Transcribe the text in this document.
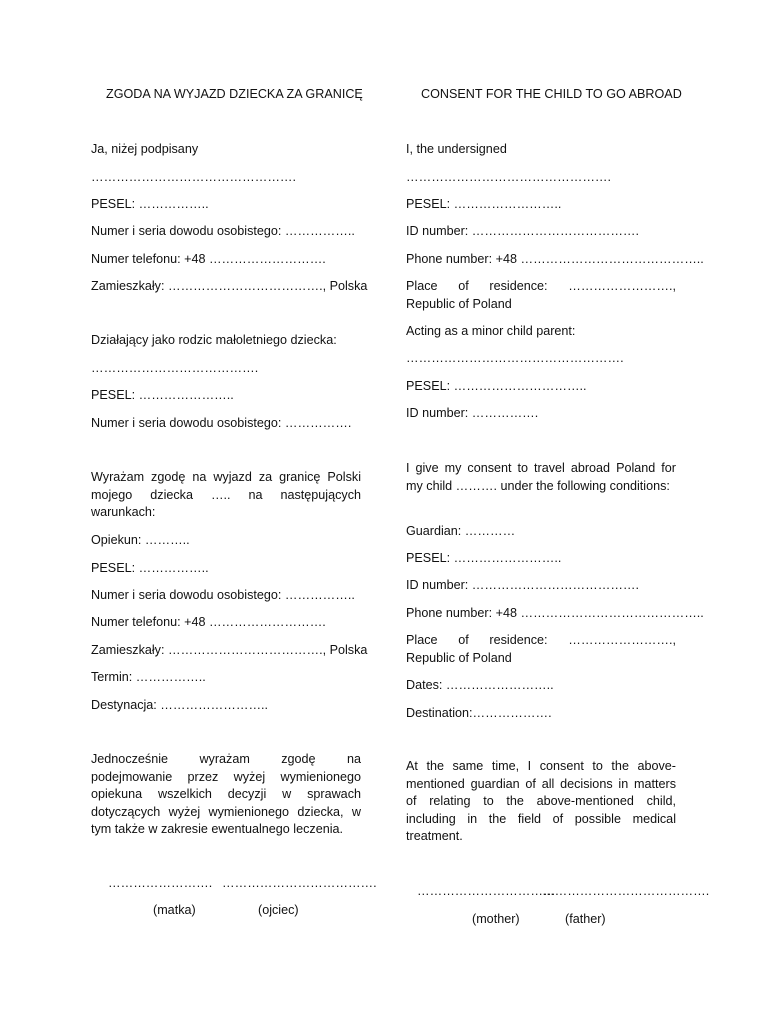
ZGODA NA WYJAZD DZIECKA ZA GRANICĘ

Ja, niżej podpisany

………………………………………….

PESEL: ……………..

Numer i seria dowodu osobistego: ……………..

Numer telefonu: +48 ……………………….

Zamieszkały: ………………………………., Polska

Działający jako rodzic małoletniego dziecka:

………………………………….

PESEL: …………………..

Numer i seria dowodu osobistego: …………….

Wyrażam zgodę na wyjazd za granicę Polski mojego dziecka ….. na następujących warunkach:

Opiekun: ………..

PESEL: ……………..

Numer i seria dowodu osobistego: ……………..

Numer telefonu: +48 ……………………….

Zamieszkały: ………………………………., Polska

Termin: ……………..

Destynacja: ……………………..

Jednocześnie wyrażam zgodę na podejmowanie przez wyżej wymienionego opiekuna wszelkich decyzji w sprawach dotyczących wyżej wymienionego dziecka, w tym także w zakresie ewentualnego leczenia.

……………………. ……………………………….
(matka)	(ojciec)
CONSENT FOR THE CHILD TO GO ABROAD

I, the undersigned

………………………………………….

PESEL: ……………………..

ID number: ………………………………….

Phone number: +48 ……………………………………..

Place of residence: ……………………., Republic of Poland

Acting as a minor child parent:

…………………………………………….

PESEL: …………………………..

ID number: …………….

I give my consent to travel abroad Poland for my child ………. under the following conditions:

Guardian: …………

PESEL: ……………………..

ID number: ………………………………….

Phone number: +48 ……………………………………..

Place of residence: ……………………., Republic of Poland

Dates: ……………………..

Destination:……………….

At the same time, I consent to the above-mentioned guardian of all decisions in matters of relating to the above-mentioned child, including in the field of possible medical treatment.

……………………………
………………………………….
(mother)	(father)
